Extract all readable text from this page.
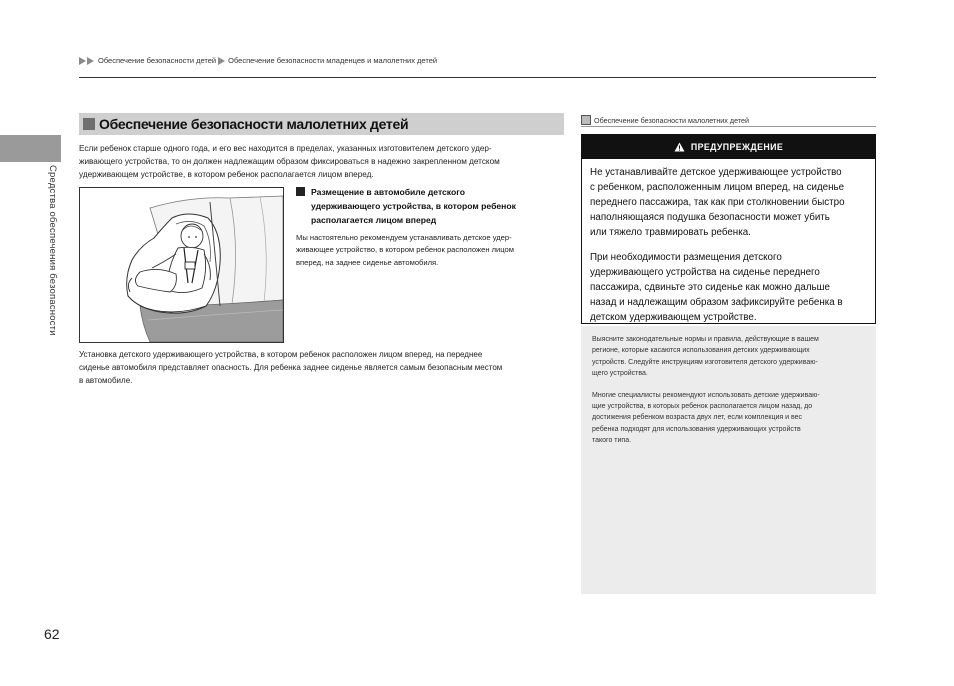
Обеспечение безопасности детей Обеспечение безопасности младенцев и малолетних детей
Средства обеспечения безопасности
62
Обеспечение безопасности малолетних детей
Если ребенок старше одного года, и его вес находится в пределах, указанных изготовителем детского удер-
живающего устройства, то он должен надлежащим образом фиксироваться в надежно закрепленном детском
удерживающем устройстве, в котором ребенок располагается лицом вперед.
Размещение в автомобиле детского
удерживающего устройства, в котором ребенок
располагается лицом вперед
Мы настоятельно рекомендуем устанавливать детское удер-
живающее устройство, в котором ребенок расположен лицом
вперед, на заднее сиденье автомобиля.
Установка детского удерживающего устройства, в котором ребенок расположен лицом вперед, на переднее
сиденье автомобиля представляет опасность. Для ребенка заднее сиденье является самым безопасным местом
в автомобиле.
Обеспечение безопасности малолетних детей
ПРЕДУПРЕЖДЕНИЕ

Не устанавливайте детское удерживающее устройство
с ребенком, расположенным лицом вперед, на сиденье
переднего пассажира, так как при столкновении быстро
наполняющаяся подушка безопасности может убить
или тяжело травмировать ребенка.

При необходимости размещения детского
удерживающего устройства на сиденье переднего
пассажира, сдвиньте это сиденье как можно дальше
назад и надлежащим образом зафиксируйте ребенка в
детском удерживающем устройстве.

Выясните законодательные нормы и правила, действующие в вашем
регионе, которые касаются использования детских удерживающих
устройств. Следуйте инструкциям изготовителя детского удерживаю-
щего устройства.

Многие специалисты рекомендуют использовать детские удерживаю-
щие устройства, в которых ребенок располагается лицом назад, до
достижения ребенком возраста двух лет, если комплекция и вес
ребенка подходят для использования удерживающих устройств
такого типа.
